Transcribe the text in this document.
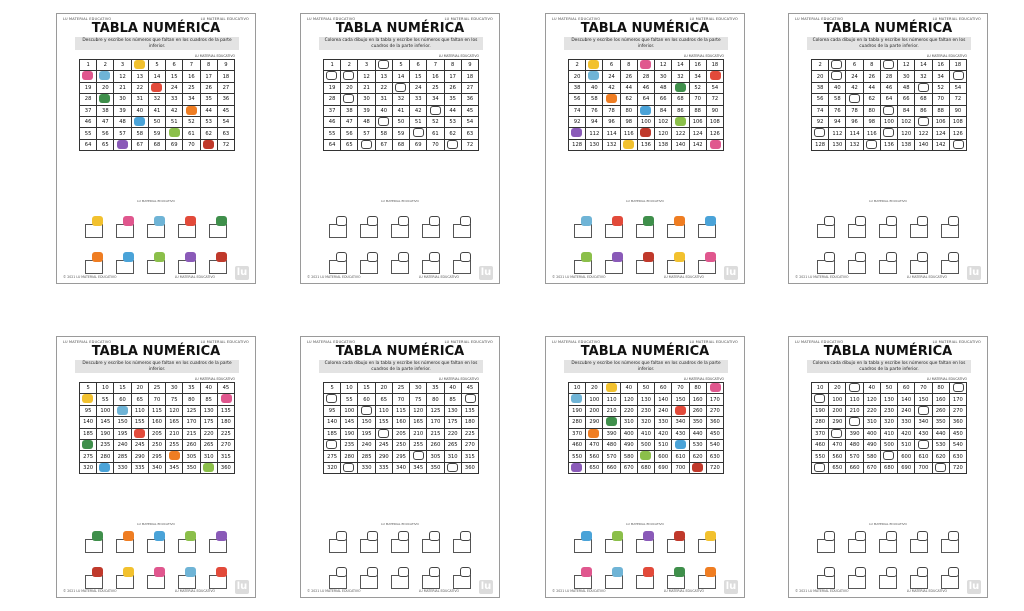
LU MATERIAL EDUCATIVO	LU MATERIAL EDUCATIVO
TABLA NUMÉRICA
Descubre y escribe los números que faltan en los cuadros de la parte inferior.
LU MATERIAL EDUCATIVO
1	2	3		5	6	7	8	9
		12	13	14	15	16	17	18
19	20	21	22		24	25	26	27
28		30	31	32	33	34	35	36
37	38	39	40	41	42		44	45
46	47	48		50	51	52	53	54
55	56	57	58	59		61	62	63
64	65		67	68	69	70		72
LU MATERIAL EDUCATIVO
© 2021 LU MATERIAL EDUCATIVO	LU MATERIAL EDUCATIVO lu
LU MATERIAL EDUCATIVO	LU MATERIAL EDUCATIVO
TABLA NUMÉRICA
Colorea cada dibujo en la tabla y escribe los números que faltan en los cuadros de la parte inferior.
LU MATERIAL EDUCATIVO
1	2	3		5	6	7	8	9
		12	13	14	15	16	17	18
19	20	21	22		24	25	26	27
28		30	31	32	33	34	35	36
37	38	39	40	41	42		44	45
46	47	48		50	51	52	53	54
55	56	57	58	59		61	62	63
64	65		67	68	69	70		72
LU MATERIAL EDUCATIVO
© 2021 LU MATERIAL EDUCATIVO	LU MATERIAL EDUCATIVO lu
LU MATERIAL EDUCATIVO	LU MATERIAL EDUCATIVO
TABLA NUMÉRICA
Descubre y escribe los números que faltan en los cuadros de la parte inferior.
LU MATERIAL EDUCATIVO
2		6	8		12	14	16	18
20		24	26	28	30	32	34	
38	40	42	44	46	48		52	54
56	58		62	64	66	68	70	72
74	76	78	80		84	86	88	90
92	94	96	98	100	102		106	108
	112	114	116		120	122	124	126
128	130	132		136	138	140	142	
LU MATERIAL EDUCATIVO
© 2021 LU MATERIAL EDUCATIVO	LU MATERIAL EDUCATIVO lu
LU MATERIAL EDUCATIVO	LU MATERIAL EDUCATIVO
TABLA NUMÉRICA
Colorea cada dibujo en la tabla y escribe los números que faltan en los cuadros de la parte inferior.
LU MATERIAL EDUCATIVO
2		6	8		12	14	16	18
20		24	26	28	30	32	34	
38	40	42	44	46	48		52	54
56	58		62	64	66	68	70	72
74	76	78	80		84	86	88	90
92	94	96	98	100	102		106	108
	112	114	116		120	122	124	126
128	130	132		136	138	140	142	
LU MATERIAL EDUCATIVO
© 2021 LU MATERIAL EDUCATIVO	LU MATERIAL EDUCATIVO lu
LU MATERIAL EDUCATIVO	LU MATERIAL EDUCATIVO
TABLA NUMÉRICA
Descubre y escribe los números que faltan en los cuadros de la parte inferior.
LU MATERIAL EDUCATIVO
5	10	15	20	25	30	35	40	45
	55	60	65	70	75	80	85	
95	100		110	115	120	125	130	135
140	145	150	155	160	165	170	175	180
185	190	195		205	210	215	220	225
	235	240	245	250	255	260	265	270
275	280	285	290	295		305	310	315
320		330	335	340	345	350		360
LU MATERIAL EDUCATIVO
© 2021 LU MATERIAL EDUCATIVO	LU MATERIAL EDUCATIVO lu
LU MATERIAL EDUCATIVO	LU MATERIAL EDUCATIVO
TABLA NUMÉRICA
Colorea cada dibujo en la tabla y escribe los números que faltan en los cuadros de la parte inferior.
LU MATERIAL EDUCATIVO
5	10	15	20	25	30	35	40	45
	55	60	65	70	75	80	85	
95	100		110	115	120	125	130	135
140	145	150	155	160	165	170	175	180
185	190	195		205	210	215	220	225
	235	240	245	250	255	260	265	270
275	280	285	290	295		305	310	315
320		330	335	340	345	350		360
LU MATERIAL EDUCATIVO
© 2021 LU MATERIAL EDUCATIVO	LU MATERIAL EDUCATIVO lu
LU MATERIAL EDUCATIVO	LU MATERIAL EDUCATIVO
TABLA NUMÉRICA
Descubre y escribe los números que faltan en los cuadros de la parte inferior.
LU MATERIAL EDUCATIVO
10	20		40	50	60	70	80	
	100	110	120	130	140	150	160	170
190	200	210	220	230	240		260	270
280	290		310	320	330	340	350	360
370		390	400	410	420	430	440	450
460	470	480	490	500	510		530	540
550	560	570	580		600	610	620	630
	650	660	670	680	690	700		720
LU MATERIAL EDUCATIVO
© 2021 LU MATERIAL EDUCATIVO	LU MATERIAL EDUCATIVO lu
LU MATERIAL EDUCATIVO	LU MATERIAL EDUCATIVO
TABLA NUMÉRICA
Colorea cada dibujo en la tabla y escribe los números que faltan en los cuadros de la parte inferior.
LU MATERIAL EDUCATIVO
10	20		40	50	60	70	80	
	100	110	120	130	140	150	160	170
190	200	210	220	230	240		260	270
280	290		310	320	330	340	350	360
370		390	400	410	420	430	440	450
460	470	480	490	500	510		530	540
550	560	570	580		600	610	620	630
	650	660	670	680	690	700		720
LU MATERIAL EDUCATIVO
© 2021 LU MATERIAL EDUCATIVO	LU MATERIAL EDUCATIVO lu
